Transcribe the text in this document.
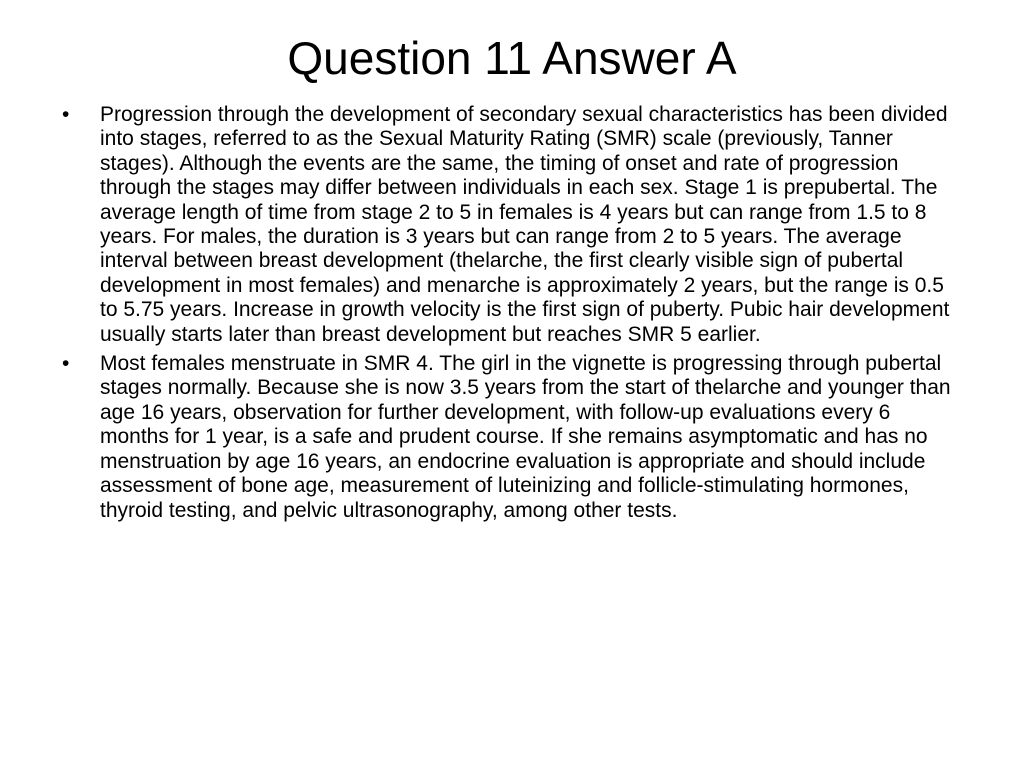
Question 11 Answer A
•	Progression through the development of secondary sexual characteristics has been divided into stages, referred to as the Sexual Maturity Rating (SMR) scale (previously, Tanner stages). Although the events are the same, the timing of onset and rate of progression through the stages may differ between individuals in each sex. Stage 1 is prepubertal. The average length of time from stage 2 to 5 in females is 4 years but can range from 1.5 to 8 years. For males, the duration is 3 years but can range from 2 to 5 years. The average interval between breast development (thelarche, the first clearly visible sign of pubertal development in most females) and menarche is approximately 2 years, but the range is 0.5 to 5.75 years. Increase in growth velocity is the first sign of puberty. Pubic hair development usually starts later than breast development but reaches SMR 5 earlier.
•	Most females menstruate in SMR 4. The girl in the vignette is progressing through pubertal stages normally. Because she is now 3.5 years from the start of thelarche and younger than age 16 years, observation for further development, with follow-up evaluations every 6 months for 1 year, is a safe and prudent course. If she remains asymptomatic and has no menstruation by age 16 years, an endocrine evaluation is appropriate and should include assessment of bone age, measurement of luteinizing and follicle-stimulating hormones, thyroid testing, and pelvic ultrasonography, among other tests.
